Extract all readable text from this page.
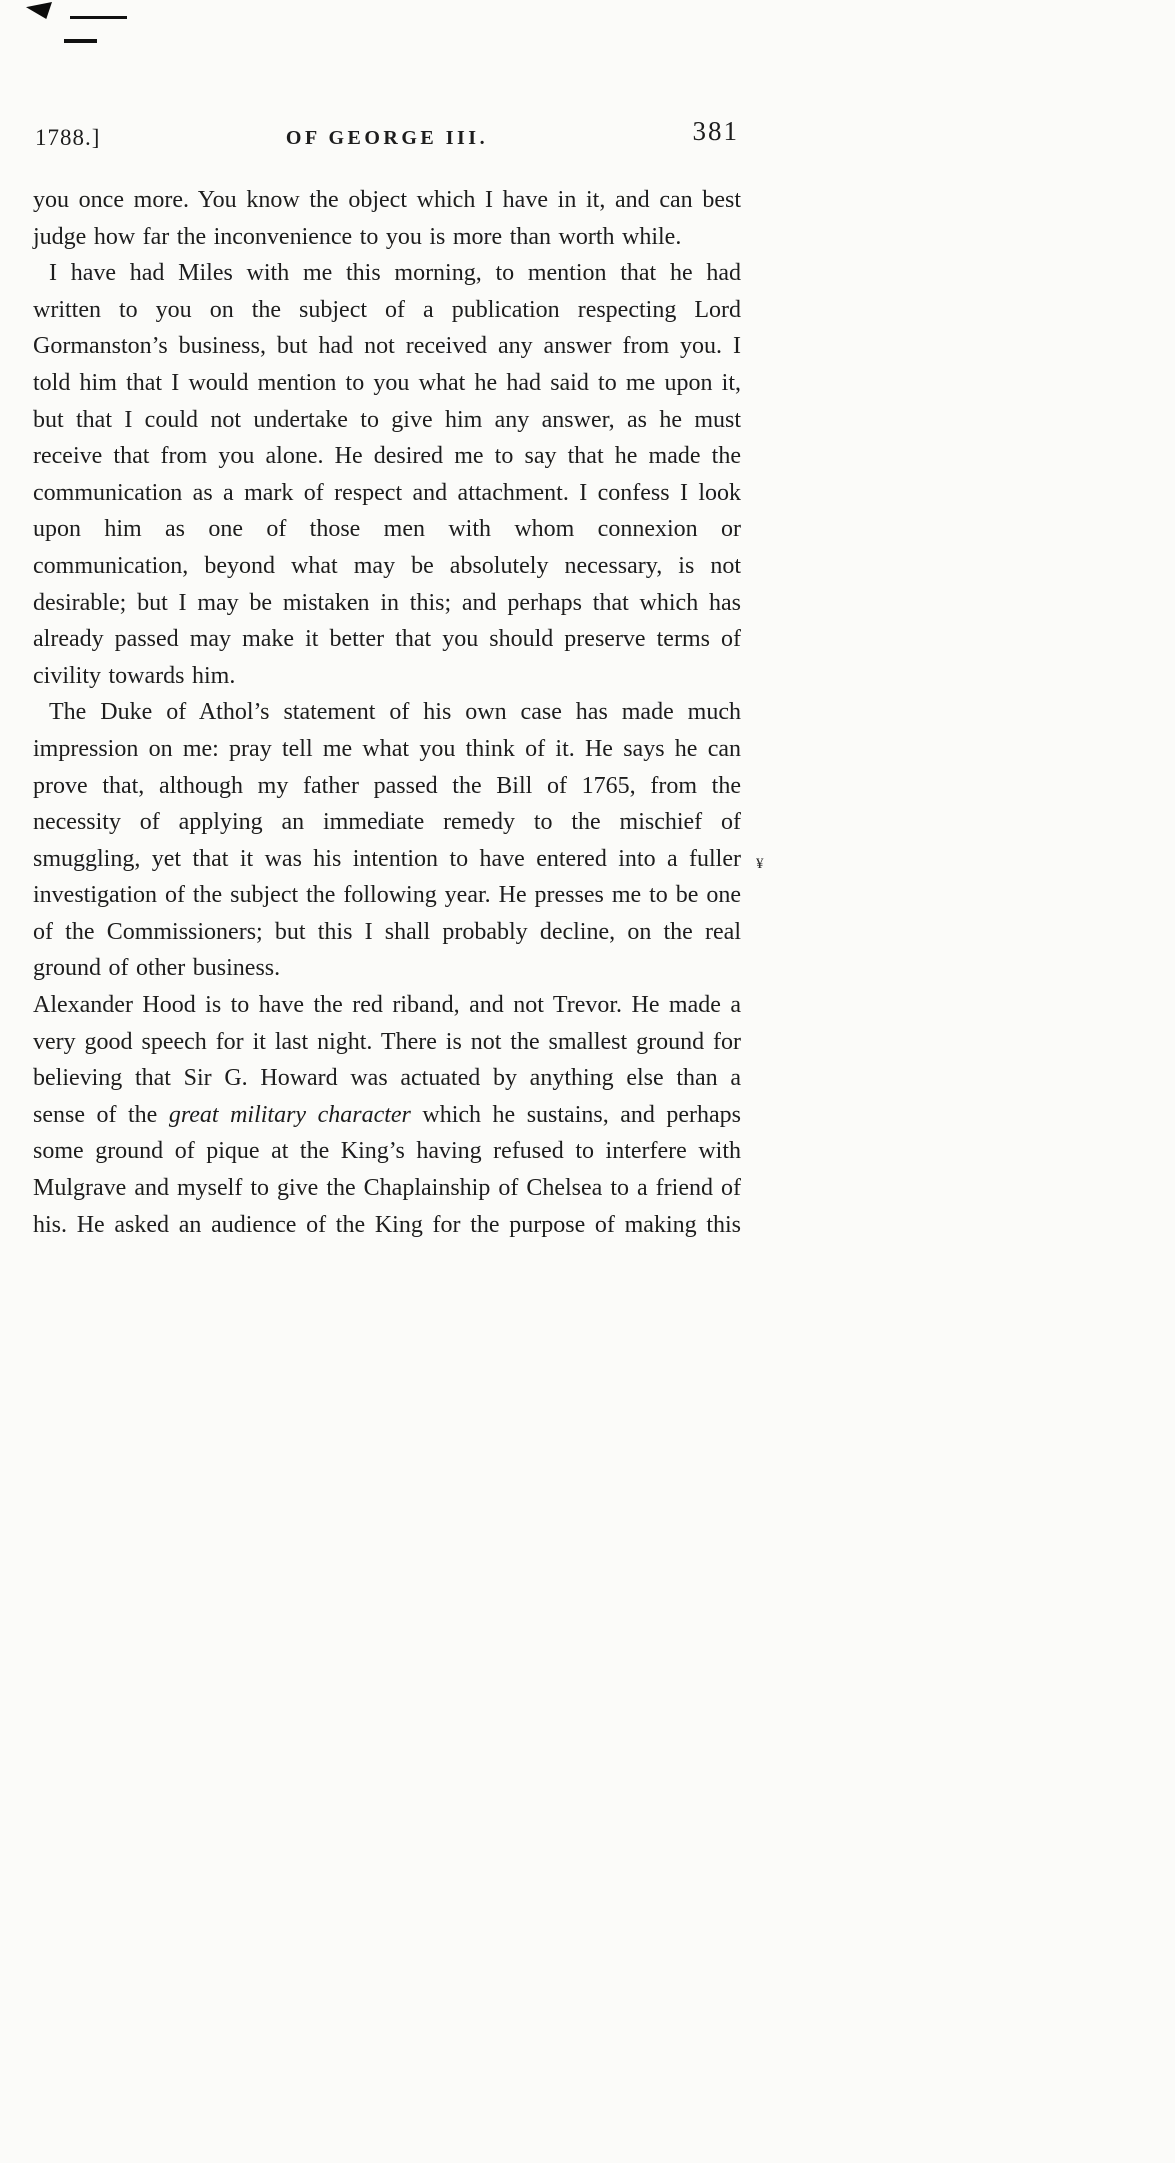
1788.]	OF GEORGE III.	381

you once more. You know the object which I have in it, and can best judge how far the inconvenience to you is more than worth while.

I have had Miles with me this morning, to mention that he had written to you on the subject of a publication respecting Lord Gormanston’s business, but had not received any answer from you. I told him that I would mention to you what he had said to me upon it, but that I could not undertake to give him any answer, as he must receive that from you alone. He desired me to say that he made the communication as a mark of respect and attachment. I confess I look upon him as one of those men with whom connexion or communication, beyond what may be absolutely necessary, is not desirable; but I may be mistaken in this; and perhaps that which has already passed may make it better that you should preserve terms of civility towards him.

The Duke of Athol’s statement of his own case has made much impression on me: pray tell me what you think of it. He says he can prove that, although my father passed the Bill of 1765, from the necessity of applying an immediate remedy to the mischief of smuggling, yet that it was his intention to have entered into a fuller investigation of the subject the following year. He presses me to be one of the Commissioners; but this I shall probably decline, on the real ground of other business.

Alexander Hood is to have the red riband, and not Trevor. He made a very good speech for it last night. There is not the smallest ground for believing that Sir G. Howard was actuated by anything else than a sense of the great military character which he sustains, and perhaps some ground of pique at the King’s having refused to interfere with Mulgrave and myself to give the Chaplainship of Chelsea to a friend of his. He asked an audience of the King for the purpose of making this

¥
